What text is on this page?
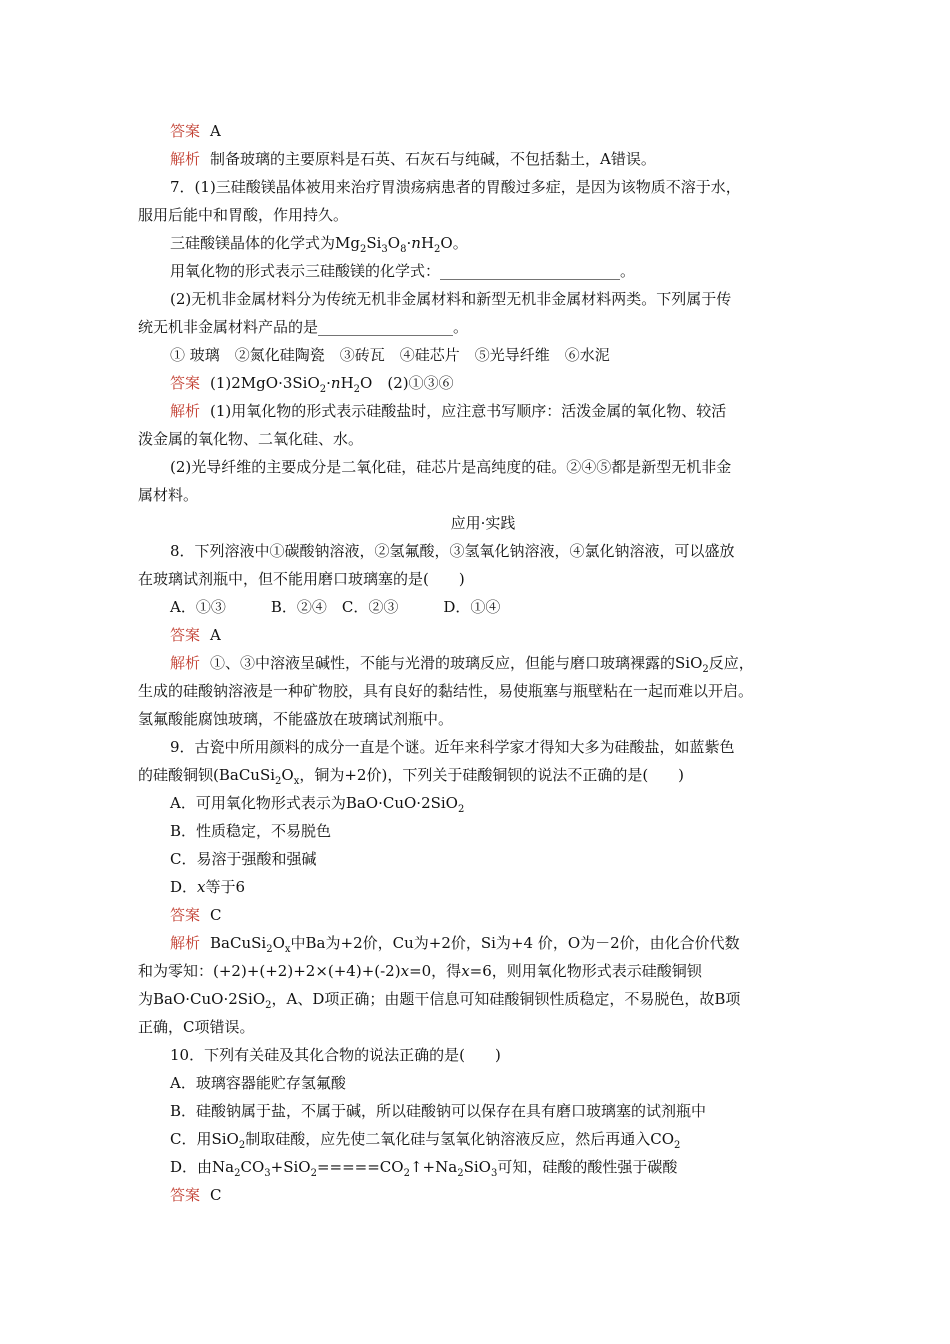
答案 A
解析 制备玻璃的主要原料是石英、石灰石与纯碱，不包括黏土，A错误。
7．(1)三硅酸镁晶体被用来治疗胃溃疡病患者的胃酸过多症，是因为该物质不溶于水，
服用后能中和胃酸，作用持久。
三硅酸镁晶体的化学式为$Mg_2Si_3O_8\cdot nH_2O$。
用氧化物的形式表示三硅酸镁的化学式：________________________。
(2)无机非金属材料分为传统无机非金属材料和新型无机非金属材料两类。下列属于传
统无机非金属材料产品的是__________________。
① 玻璃　②氮化硅陶瓷　③砖瓦　④硅芯片　⑤光导纤维　⑥水泥
答案 $(1)2MgO\cdot 3SiO_2\cdot nH_2O$　(2)①③⑥
解析 (1)用氧化物的形式表示硅酸盐时，应注意书写顺序：活泼金属的氧化物、较活
泼金属的氧化物、二氧化硅、水。
(2)光导纤维的主要成分是二氧化硅，硅芯片是高纯度的硅。②④⑤都是新型无机非金
属材料。
应用·实践
8．下列溶液中①碳酸钠溶液，②氢氟酸，③氢氧化钠溶液，④氯化钠溶液，可以盛放
在玻璃试剂瓶中，但不能用磨口玻璃塞的是(　　)
A．①③　　　B．②④　C．②③　　　D．①④
答案 A
解析 ①、③中溶液呈碱性，不能与光滑的玻璃反应，但能与磨口玻璃裸露的SiO$_2$反应，
生成的硅酸钠溶液是一种矿物胶，具有良好的黏结性，易使瓶塞与瓶壁粘在一起而难以开启。
氢氟酸能腐蚀玻璃，不能盛放在玻璃试剂瓶中。
9．古瓷中所用颜料的成分一直是个谜。近年来科学家才得知大多为硅酸盐，如蓝紫色
的硅酸铜钡($BaCuSi_2O_x$，铜为+2价)，下列关于硅酸铜钡的说法不正确的是(　　)
A．可用氧化物形式表示为BaO·CuO·2SiO$_2$
B．性质稳定，不易脱色
C．易溶于强酸和强碱
D．x等于6
答案 C
解析 $BaCuSi_2O_x$中Ba为+2价，Cu为+2价，Si为+4 价，O为－2价，由化合价代数
和为零知：(+2)+(+2)+2×(+4)+(-2)x=0，得x=6，则用氧化物形式表示硅酸铜钡
为BaO·CuO·2SiO$_2$，A、D项正确；由题干信息可知硅酸铜钡性质稳定，不易脱色，故B项
正确，C项错误。
10．下列有关硅及其化合物的说法正确的是(　　)
A．玻璃容器能贮存氢氟酸
B．硅酸钠属于盐，不属于碱，所以硅酸钠可以保存在具有磨口玻璃塞的试剂瓶中
C．用SiO$_2$制取硅酸，应先使二氧化硅与氢氧化钠溶液反应，然后再通入$CO_2$
D．由$Na_2CO_3+SiO_2=====CO_2↑+Na_2SiO_3$可知，硅酸的酸性强于碳酸
答案 C
